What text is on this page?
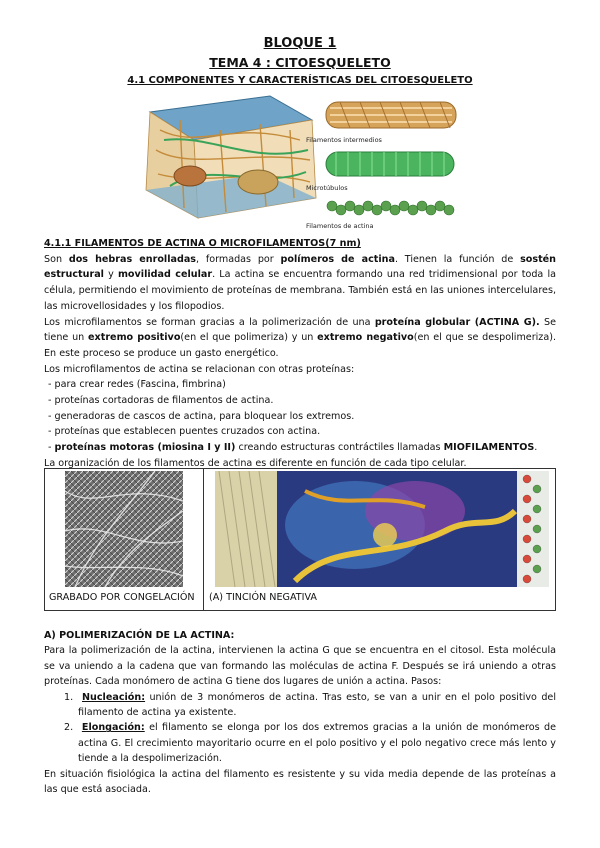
BLOQUE 1
TEMA 4 : CITOESQUELETO
4.1 COMPONENTES Y CARACTERÍSTICAS DEL CITOESQUELETO
Filamentos intermedios
Microtúbulos
Filamentos de actina

4.1.1 FILAMENTOS DE ACTINA O MICROFILAMENTOS(7 nm)

Son dos hebras enrolladas, formadas por polímeros de actina. Tienen la función de sostén estructural y movilidad celular. La actina se encuentra formando una red tridimensional por toda la célula, permitiendo el movimiento de proteínas de membrana. También está en las uniones intercelulares, las microvellosidades y los filopodios.

Los microfilamentos se forman gracias a la polimerización de una proteína globular (ACTINA G). Se tiene un extremo positivo(en el que polimeriza) y un extremo negativo(en el que se despolimeriza). En este proceso se produce un gasto energético.

Los microfilamentos de actina se relacionan con otras proteínas:

- para crear redes (Fascina, fimbrina)

- proteínas cortadoras de filamentos de actina.

- generadoras de cascos de actina, para bloquear los extremos.

- proteínas que establecen puentes cruzados con actina.

- proteínas motoras (miosina I y II) creando estructuras contráctiles llamadas MIOFILAMENTOS.

La organización de los filamentos de actina es diferente en función de cada tipo celular.

GRABADO POR CONGELACIÓN (A) TINCIÓN NEGATIVA

A) POLIMERIZACIÓN DE LA ACTINA:

Para la polimerización de la actina, intervienen la actina G que se encuentra en el citosol. Esta molécula se va uniendo a la cadena que van formando las moléculas de actina F. Después se irá uniendo a otras proteínas. Cada monómero de actina G tiene dos lugares de unión a actina. Pasos:

1. Nucleación: unión de 3 monómeros de actina. Tras esto, se van a unir en el polo positivo del filamento de actina ya existente.
2. Elongación: el filamento se elonga por los dos extremos gracias a la unión de monómeros de actina G. El crecimiento mayoritario ocurre en el polo positivo y el polo negativo crece más lento y tiende a la despolimerización.

En situación fisiológica la actina del filamento es resistente y su vida media depende de las proteínas a las que está asociada.
